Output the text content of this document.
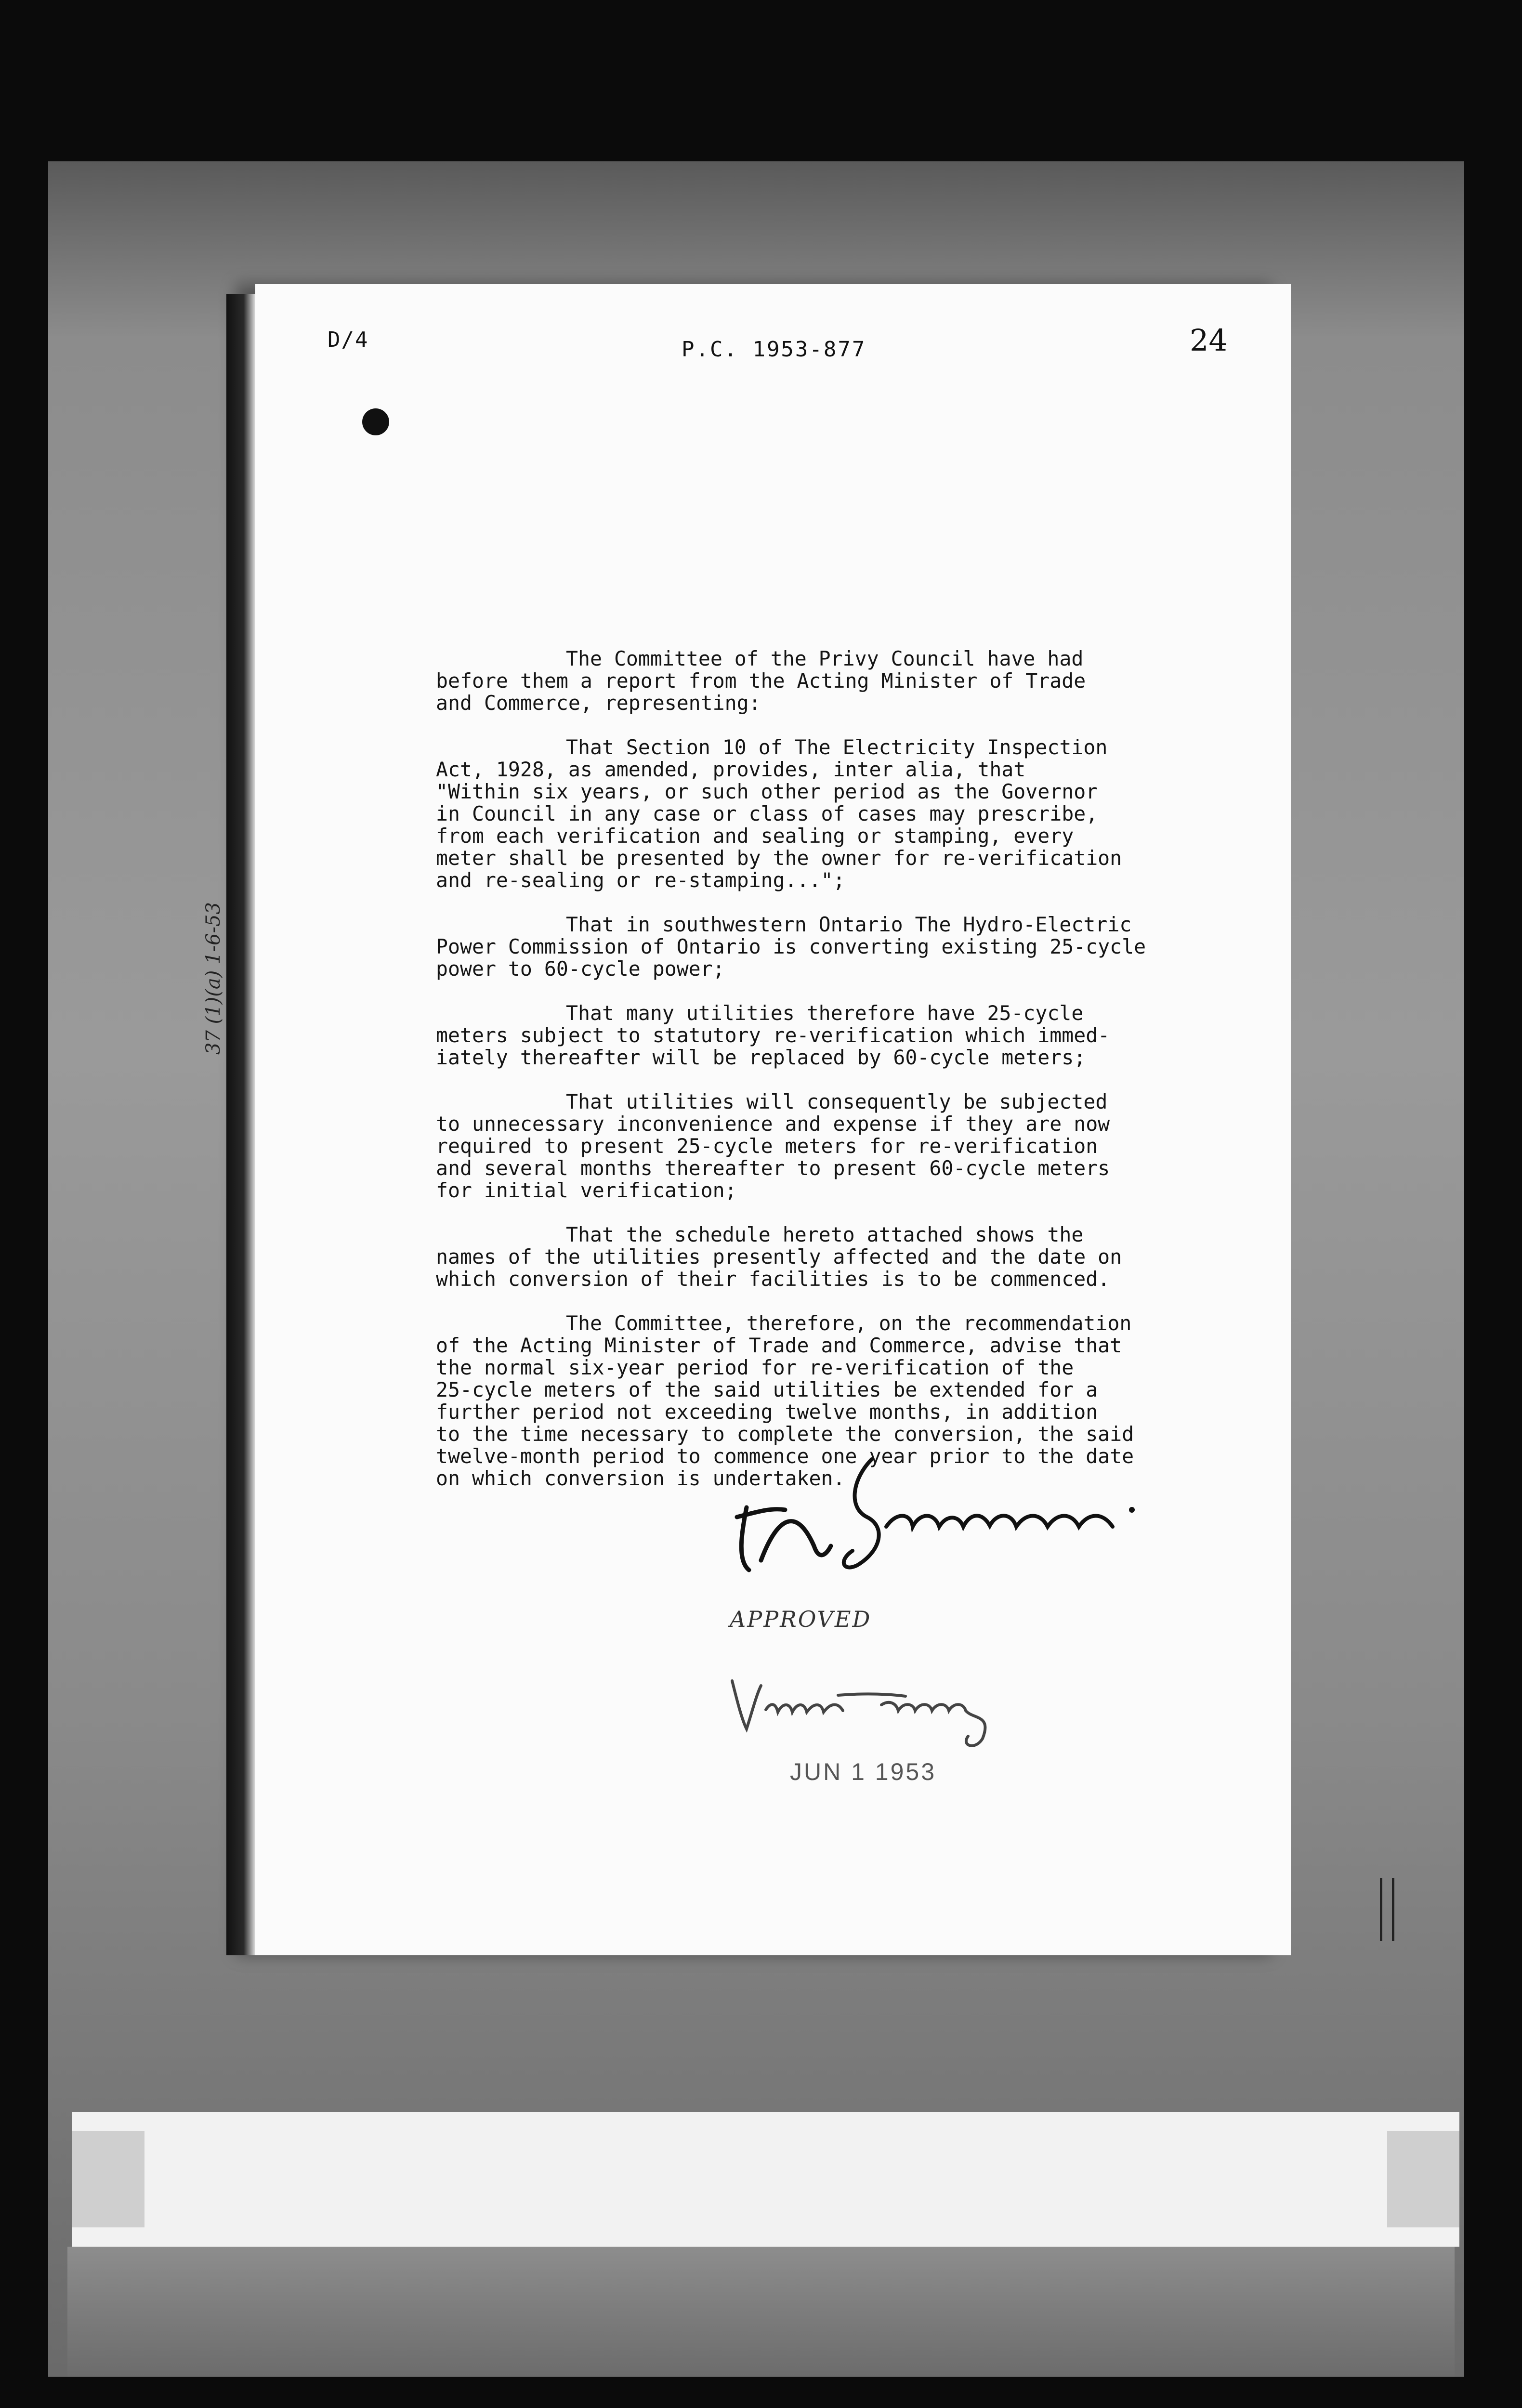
D/4	P.C. 1953-877	24
37 (1)(a) 1-6-53

The Committee of the Privy Council have had
before them a report from the Acting Minister of Trade
and Commerce, representing:

That Section 10 of The Electricity Inspection
Act, 1928, as amended, provides, inter alia, that
"Within six years, or such other period as the Governor
in Council in any case or class of cases may prescribe,
from each verification and sealing or stamping, every
meter shall be presented by the owner for re-verification
and re-sealing or re-stamping...";

That in southwestern Ontario The Hydro-Electric
Power Commission of Ontario is converting existing 25-cycle
power to 60-cycle power;

That many utilities therefore have 25-cycle
meters subject to statutory re-verification which immed-
iately thereafter will be replaced by 60-cycle meters;

That utilities will consequently be subjected
to unnecessary inconvenience and expense if they are now
required to present 25-cycle meters for re-verification
and several months thereafter to present 60-cycle meters
for initial verification;

That the schedule hereto attached shows the
names of the utilities presently affected and the date on
which conversion of their facilities is to be commenced.

The Committee, therefore, on the recommendation
of the Acting Minister of Trade and Commerce, advise that
the normal six-year period for re-verification of the
25-cycle meters of the said utilities be extended for a
further period not exceeding twelve months, in addition
to the time necessary to complete the conversion, the said
twelve-month period to commence one year prior to the date
on which conversion is undertaken.

APPROVED
JUN 1 1953
